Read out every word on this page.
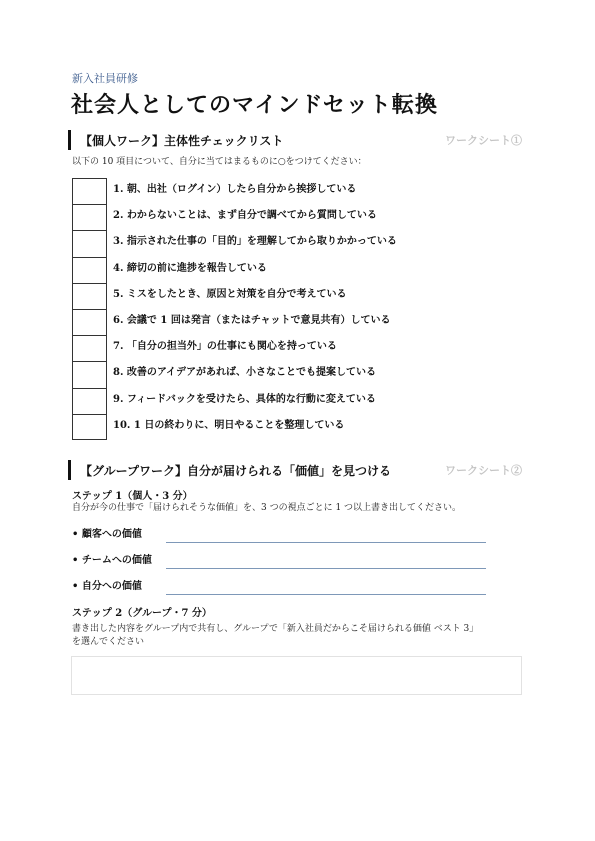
新入社員研修
社会人としてのマインドセット転換
【個人ワーク】主体性チェックリスト	ワークシート①
以下の 10 項目について、自分に当てはまるものに○をつけてください：
1. 朝、出社（ログイン）したら自分から挨拶している
2. わからないことは、まず自分で調べてから質問している
3. 指示された仕事の「目的」を理解してから取りかかっている
4. 締切の前に進捗を報告している
5. ミスをしたとき、原因と対策を自分で考えている
6. 会議で 1 回は発言（またはチャットで意見共有）している
7. 「自分の担当外」の仕事にも関心を持っている
8. 改善のアイデアがあれば、小さなことでも提案している
9. フィードバックを受けたら、具体的な行動に変えている
10. 1 日の終わりに、明日やることを整理している
【グループワーク】自分が届けられる「価値」を見つける	ワークシート②
ステップ 1（個人・3 分）
自分が今の仕事で「届けられそうな価値」を、3 つの視点ごとに 1 つ以上書き出してください。
• 顧客への価値
• チームへの価値
• 自分への価値
ステップ 2（グループ・7 分）
書き出した内容をグループ内で共有し、グループで「新入社員だからこそ届けられる価値 ベスト 3」
を選んでください
